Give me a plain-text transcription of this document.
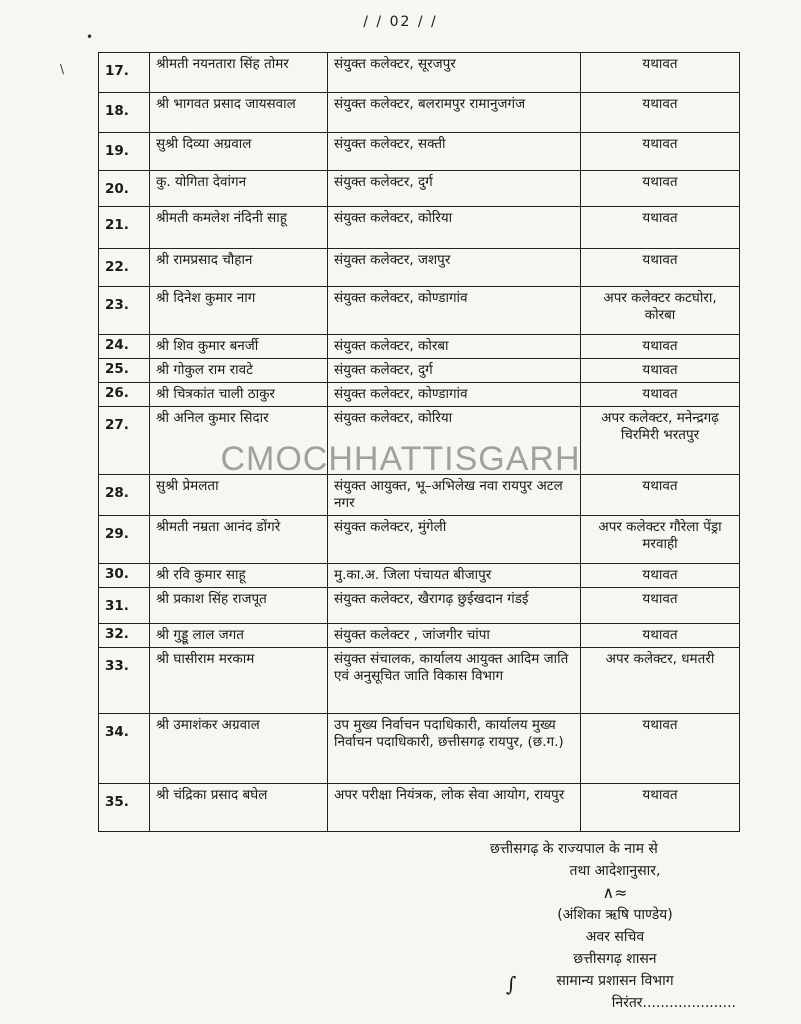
•
\
/ / 02 / /
17.	श्रीमती नयनतारा सिंह तोमर	संयुक्त कलेक्टर, सूरजपुर	यथावत
18.	श्री भागवत प्रसाद जायसवाल	संयुक्त कलेक्टर, बलरामपुर रामानुजगंज	यथावत
19.	सुश्री दिव्या अग्रवाल	संयुक्त कलेक्टर, सक्ती	यथावत
20.	कु. योगिता देवांगन	संयुक्त कलेक्टर, दुर्ग	यथावत
21.	श्रीमती कमलेश नंदिनी साहू	संयुक्त कलेक्टर, कोरिया	यथावत
22.	श्री रामप्रसाद चौहान	संयुक्त कलेक्टर, जशपुर	यथावत
23.	श्री दिनेश कुमार नाग	संयुक्त कलेक्टर, कोण्डागांव	अपर कलेक्टर कटघोरा, कोरबा
24.	श्री शिव कुमार बनर्जी	संयुक्त कलेक्टर, कोरबा	यथावत
25.	श्री गोकुल राम रावटे	संयुक्त कलेक्टर, दुर्ग	यथावत
26.	श्री चित्रकांत चाली ठाकुर	संयुक्त कलेक्टर, कोण्डागांव	यथावत
27.	श्री अनिल कुमार सिदार	संयुक्त कलेक्टर, कोरिया	अपर कलेक्टर, मनेन्द्रगढ़ चिरमिरी भरतपुर
28.	सुश्री प्रेमलता	संयुक्त आयुक्त, भू–अभिलेख नवा रायपुर अटल नगर	यथावत
29.	श्रीमती नम्रता आनंद डोंगरे	संयुक्त कलेक्टर, मुंगेली	अपर कलेक्टर गौरेला पेंड्रा मरवाही
30.	श्री रवि कुमार साहू	मु.का.अ. जिला पंचायत बीजापुर	यथावत
31.	श्री प्रकाश सिंह राजपूत	संयुक्त कलेक्टर, खैरागढ़ छुईखदान गंडई	यथावत
32.	श्री गुड्डू लाल जगत	संयुक्त कलेक्टर , जांजगीर चांपा	यथावत
33.	श्री घासीराम मरकाम	संयुक्त संचालक, कार्यालय आयुक्त आदिम जाति एवं अनुसूचित जाति विकास विभाग	अपर कलेक्टर, धमतरी
34.	श्री उमाशंकर अग्रवाल	उप मुख्य निर्वाचन पदाधिकारी, कार्यालय मुख्य निर्वाचन पदाधिकारी, छत्तीसगढ़ रायपुर, (छ.ग.)	यथावत
35.	श्री चंद्रिका प्रसाद बघेल	अपर परीक्षा नियंत्रक, लोक सेवा आयोग, रायपुर	यथावत
CMOCHHATTISGARH
छत्तीसगढ़ के राज्यपाल के नाम से
तथा आदेशानुसार,
∧≈
(अंशिका ऋषि पाण्डेय)
अवर सचिव
छत्तीसगढ़ शासन
सामान्य प्रशासन विभाग
निरंतर.....................
∫
